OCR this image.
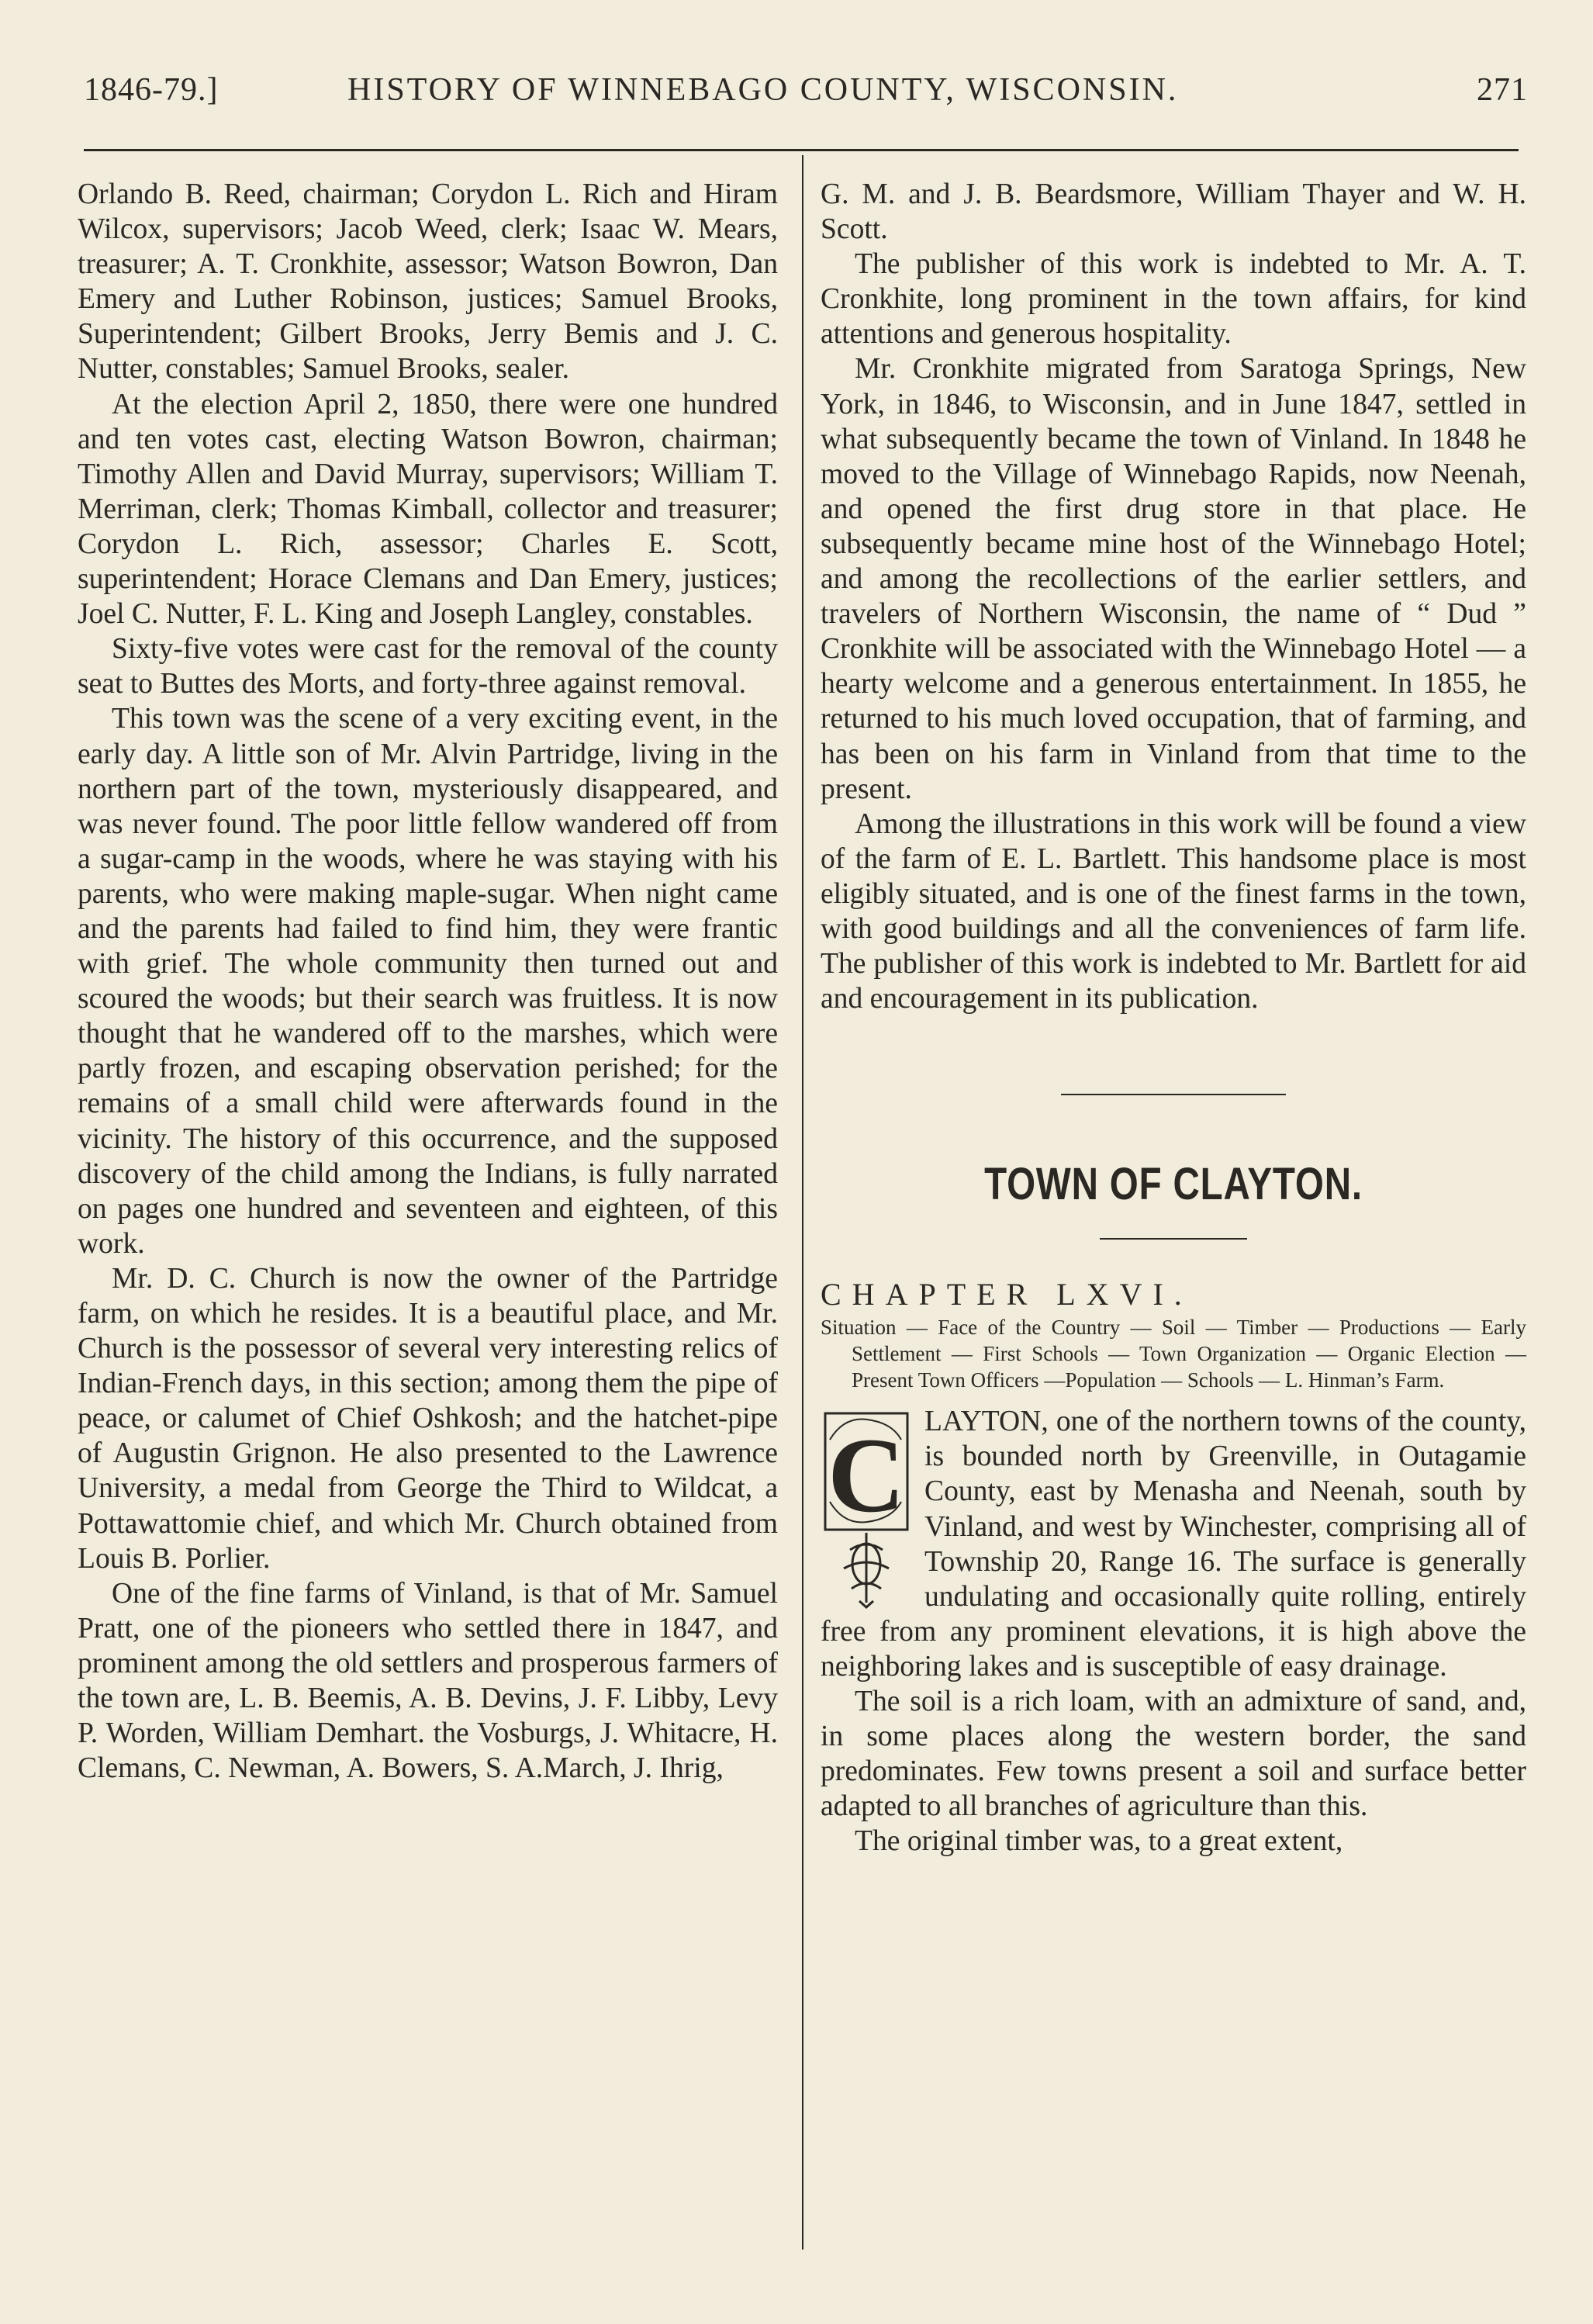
1846-79.]	HISTORY OF WINNEBAGO COUNTY, WISCONSIN.	271

Orlando B. Reed, chairman; Corydon L. Rich and Hiram Wilcox, supervisors; Jacob Weed, clerk; Isaac W. Mears, treasurer; A. T. Cronkhite, assessor; Watson Bowron, Dan Emery and Luther Robinson, justices; Samuel Brooks, Superintendent; Gilbert Brooks, Jerry Bemis and J. C. Nutter, constables; Samuel Brooks, sealer.

At the election April 2, 1850, there were one hundred and ten votes cast, electing Watson Bowron, chairman; Timothy Allen and David Murray, supervisors; William T. Merriman, clerk; Thomas Kimball, collector and treasurer; Corydon L. Rich, assessor; Charles E. Scott, superintendent; Horace Clemans and Dan Emery, justices; Joel C. Nutter, F. L. King and Joseph Langley, constables.

Sixty-five votes were cast for the removal of the county seat to Buttes des Morts, and forty-three against removal.

This town was the scene of a very exciting event, in the early day. A little son of Mr. Alvin Partridge, living in the northern part of the town, mysteriously disappeared, and was never found. The poor little fellow wandered off from a sugar-camp in the woods, where he was staying with his parents, who were making maple-sugar. When night came and the parents had failed to find him, they were frantic with grief. The whole community then turned out and scoured the woods; but their search was fruitless. It is now thought that he wandered off to the marshes, which were partly frozen, and escaping observation perished; for the remains of a small child were afterwards found in the vicinity. The history of this occurrence, and the supposed discovery of the child among the Indians, is fully narrated on pages one hundred and seventeen and eighteen, of this work.

Mr. D. C. Church is now the owner of the Partridge farm, on which he resides. It is a beautiful place, and Mr. Church is the possessor of several very interesting relics of Indian-French days, in this section; among them the pipe of peace, or calumet of Chief Oshkosh; and the hatchet-pipe of Augustin Grignon. He also presented to the Lawrence University, a medal from George the Third to Wildcat, a Pottawattomie chief, and which Mr. Church obtained from Louis B. Porlier.

One of the fine farms of Vinland, is that of Mr. Samuel Pratt, one of the pioneers who settled there in 1847, and prominent among the old settlers and prosperous farmers of the town are, L. B. Beemis, A. B. Devins, J. F. Libby, Levy P. Worden, William Demhart. the Vosburgs, J. Whitacre, H. Clemans, C. Newman, A. Bowers, S. A.March, J. Ihrig,

G. M. and J. B. Beardsmore, William Thayer and W. H. Scott.

The publisher of this work is indebted to Mr. A. T. Cronkhite, long prominent in the town affairs, for kind attentions and generous hospitality.

Mr. Cronkhite migrated from Saratoga Springs, New York, in 1846, to Wisconsin, and in June 1847, settled in what subsequently became the town of Vinland. In 1848 he moved to the Village of Winnebago Rapids, now Neenah, and opened the first drug store in that place. He subsequently became mine host of the Winnebago Hotel; and among the recollections of the earlier settlers, and travelers of Northern Wisconsin, the name of “ Dud ” Cronkhite will be associated with the Winnebago Hotel — a hearty welcome and a generous entertainment. In 1855, he returned to his much loved occupation, that of farming, and has been on his farm in Vinland from that time to the present.

Among the illustrations in this work will be found a view of the farm of E. L. Bartlett. This handsome place is most eligibly situated, and is one of the finest farms in the town, with good buildings and all the conveniences of farm life. The publisher of this work is indebted to Mr. Bartlett for aid and encouragement in its publication.

TOWN OF CLAYTON.

CHAPTER LXVI.

Situation — Face of the Country — Soil — Timber — Productions — Early Settlement — First Schools — Town Organization — Organic Election — Present Town Officers —Population — Schools — L. Hinman’s Farm.

C LAYTON, one of the northern towns of the county, is bounded north by Greenville, in Outagamie County, east by Menasha and Neenah, south by Vinland, and west by Winchester, comprising all of Township 20, Range 16. The surface is generally undulating and occasionally quite rolling, entirely free from any prominent elevations, it is high above the neighboring lakes and is susceptible of easy drainage.

The soil is a rich loam, with an admixture of sand, and, in some places along the western border, the sand predominates. Few towns present a soil and surface better adapted to all branches of agriculture than this.

The original timber was, to a great extent,
